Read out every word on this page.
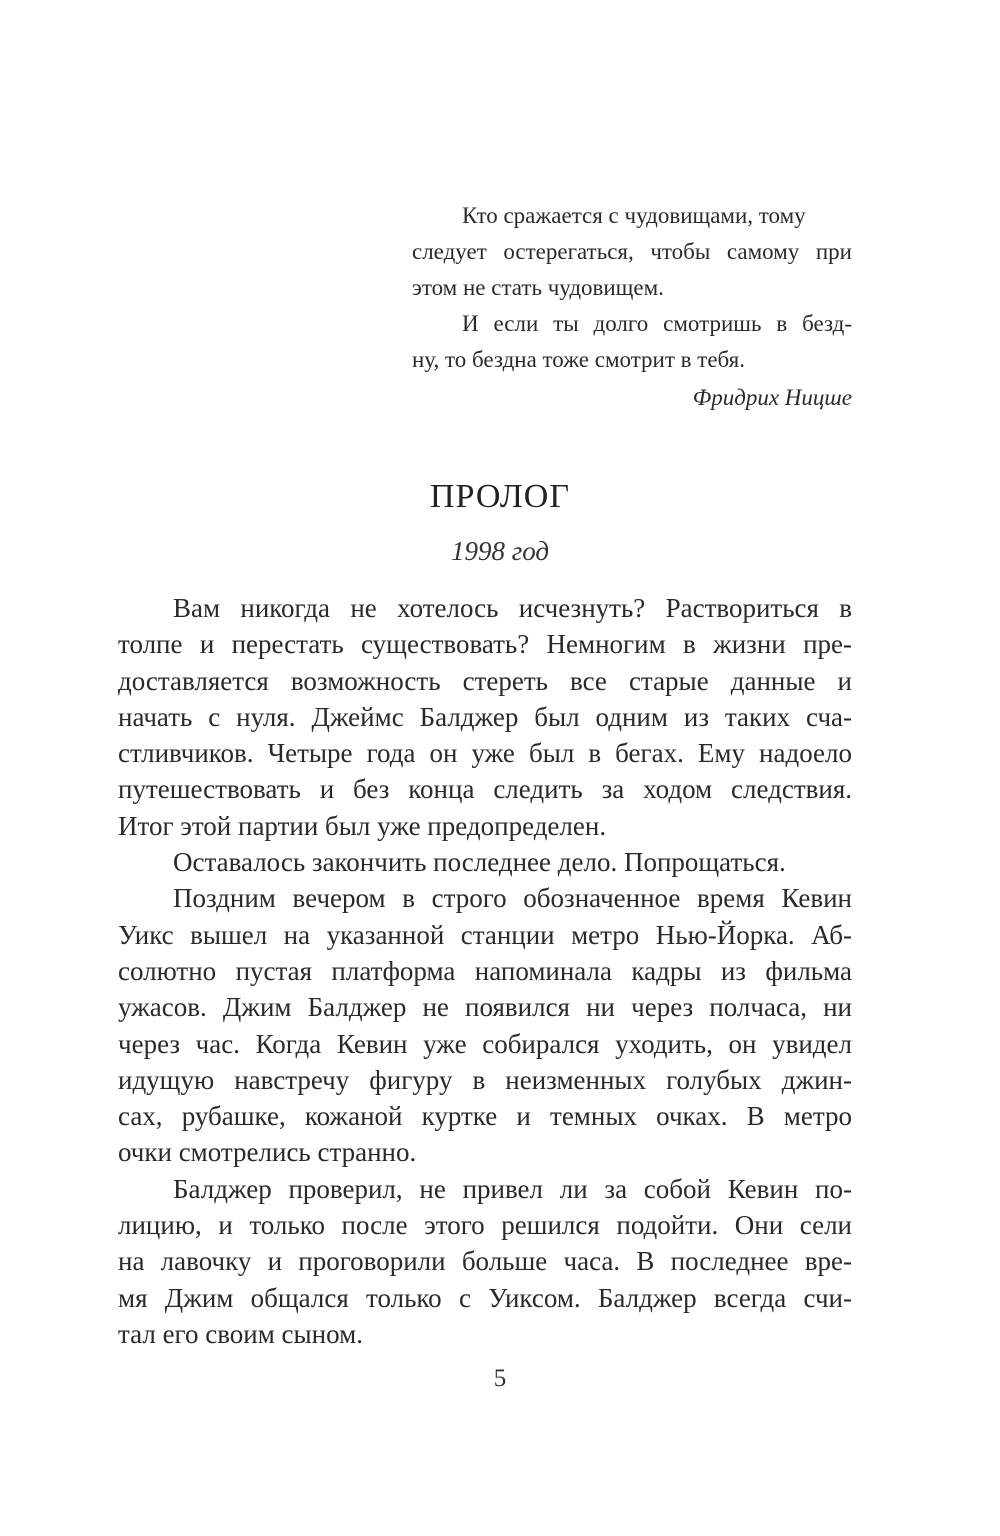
Кто сражается с чудовищами, тому
следует остерегаться, чтобы самому при
этом не стать чудовищем.
И если ты долго смотришь в безд-
ну, то бездна тоже смотрит в тебя.
Фридрих Ницше
ПРОЛОГ
1998 год
Вам никогда не хотелось исчезнуть? Раствориться в
толпе и перестать существовать? Немногим в жизни пре-
доставляется возможность стереть все старые данные и
начать с нуля. Джеймс Балджер был одним из таких сча-
стливчиков. Четыре года он уже был в бегах. Ему надоело
путешествовать и без конца следить за ходом следствия.
Итог этой партии был уже предопределен.
Оставалось закончить последнее дело. Попрощаться.
Поздним вечером в строго обозначенное время Кевин
Уикс вышел на указанной станции метро Нью-Йорка. Аб-
солютно пустая платформа напоминала кадры из фильма
ужасов. Джим Балджер не появился ни через полчаса, ни
через час. Когда Кевин уже собирался уходить, он увидел
идущую навстречу фигуру в неизменных голубых джин-
сах, рубашке, кожаной куртке и темных очках. В метро
очки смотрелись странно.
Балджер проверил, не привел ли за собой Кевин по-
лицию, и только после этого решился подойти. Они сели
на лавочку и проговорили больше часа. В последнее вре-
мя Джим общался только с Уиксом. Балджер всегда счи-
тал его своим сыном.
5
